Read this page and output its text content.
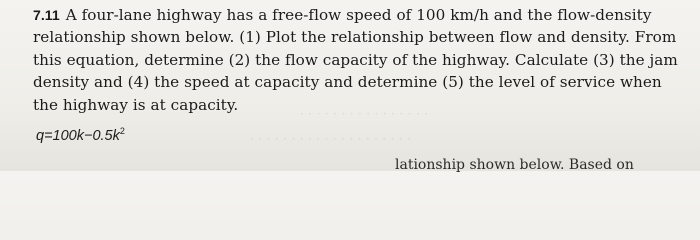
7.11 A four-lane highway has a free-flow speed of 100 km/h and the flow-density relationship shown below. (1) Plot the relationship between flow and density. From this equation, determine (2) the flow capacity of the highway. Calculate (3) the jam density and (4) the speed at capacity and determine (5) the level of service when the highway is at capacity.
· · · · · · · · · · · · · · · ·
· · · · · · · · · · · · · · · · · · · ·
$q=100k-0.5k^2$
lationship shown below. Based on
